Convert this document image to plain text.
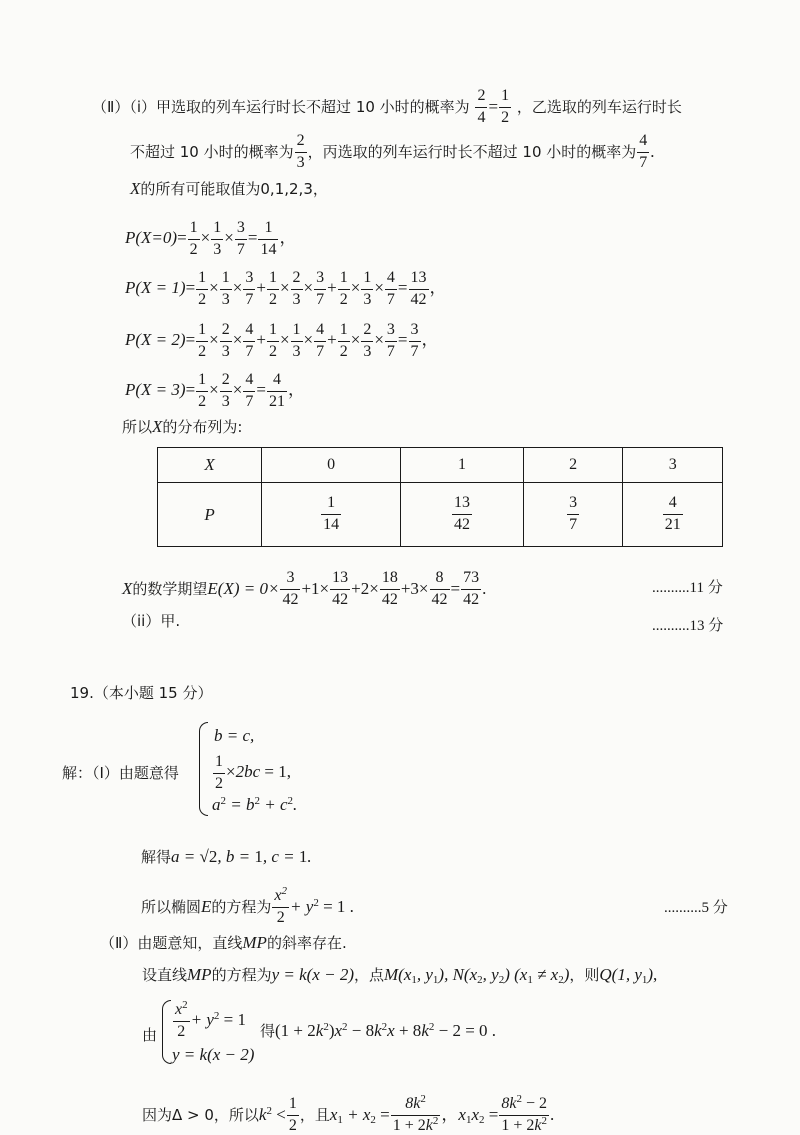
（Ⅱ）（i）甲选取的列车运行时长不超过 10 小时的概率为 $\frac{2}{4} = \frac{1}{2}$ ，乙选取的列车运行时长
不超过 10 小时的概率为 $\frac{2}{3}$ ，丙选取的列车运行时长不超过 10 小时的概率为 $\frac{4}{7}$ .
X的所有可能取值为0,1,2,3，
$P(X=0)= \frac{1}{2} \times \frac{1}{3} \times \frac{3}{7} = \frac{1}{14}$ ，
$P(X = 1)= \frac{1}{2} \times \frac{1}{3} \times \frac{3}{7} + \frac{1}{2} \times \frac{2}{3} \times \frac{3}{7} + \frac{1}{2} \times \frac{1}{3} \times \frac{4}{7} = \frac{13}{42}$ ，
$P(X = 2)= \frac{1}{2} \times \frac{2}{3} \times \frac{4}{7} + \frac{1}{2} \times \frac{1}{3} \times \frac{4}{7} + \frac{1}{2} \times \frac{2}{3} \times \frac{3}{7} = \frac{3}{7}$ ，
$P(X = 3)= \frac{1}{2} \times \frac{2}{3} \times \frac{4}{7} = \frac{4}{21}$ ，
所以X的分布列为:
X	0	1	2	3
P	$\frac{1}{14}$	$\frac{13}{42}$	$\frac{3}{7}$	$\frac{4}{21}$
X的数学期望$E(X) = 0\times \frac{3}{42} +1\times \frac{13}{42} +2\times \frac{18}{42} +3\times \frac{8}{42} = \frac{73}{42}$ .	..........11 分
（ii）甲.	..........13 分
19.（本小题 15 分）
解：（Ⅰ）由题意得
b = c,
$\frac{1}{2} \times 2bc = 1$,
$a^2 = b^2 + c^2$.
解得a = √2, b = 1, c = 1.
所以椭圆E的方程为 $\frac{x^2}{2} + y^2 = 1$ .	..........5 分
（Ⅱ）由题意知，直线MP的斜率存在.
设直线MP的方程为y = k(x − 2)，点$M(x_1$, $y_1$), $N(x_2$, $y_2$) $(x_1 \ne x_2)$，则Q(1, $y_1$),
由 $\frac{x^2}{2} + y^2 = 1$
y = k(x − 2)
得$(1 + 2k^2)x^2 - 8k^2x + 8k^2 - 2 = 0$ .
因为Δ > 0，所以$k^2 < \frac{1}{2}$ ，且$x_1 + x_2 = \frac{8k^2}{1 + 2k^2}$ ，$x_1x_2 = \frac{8k^2 - 2}{1 + 2k^2}$ .
